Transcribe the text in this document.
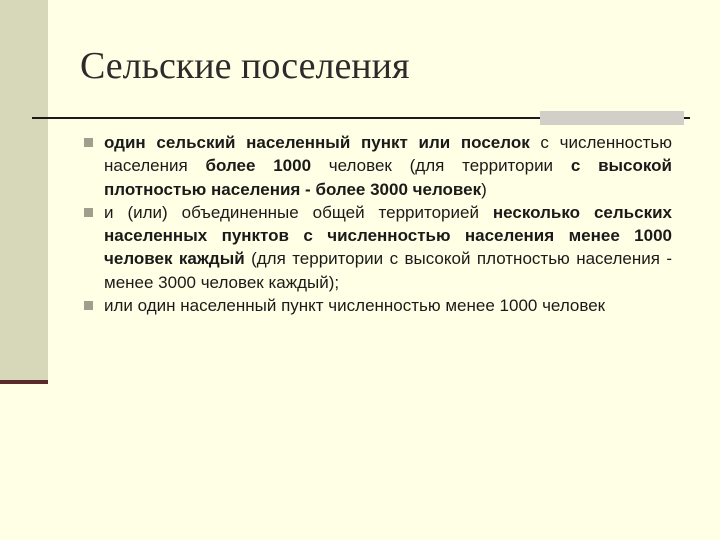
Сельские поселения
один сельский населенный пункт или поселок с численностью населения более 1000 человек (для территории с высокой плотностью населения - более 3000 человек)
и (или) объединенные общей территорией несколько сельских населенных пунктов с численностью населения менее 1000 человек каждый (для территории с высокой плотностью населения - менее 3000 человек каждый);
или один населенный пункт численностью менее 1000 человек
